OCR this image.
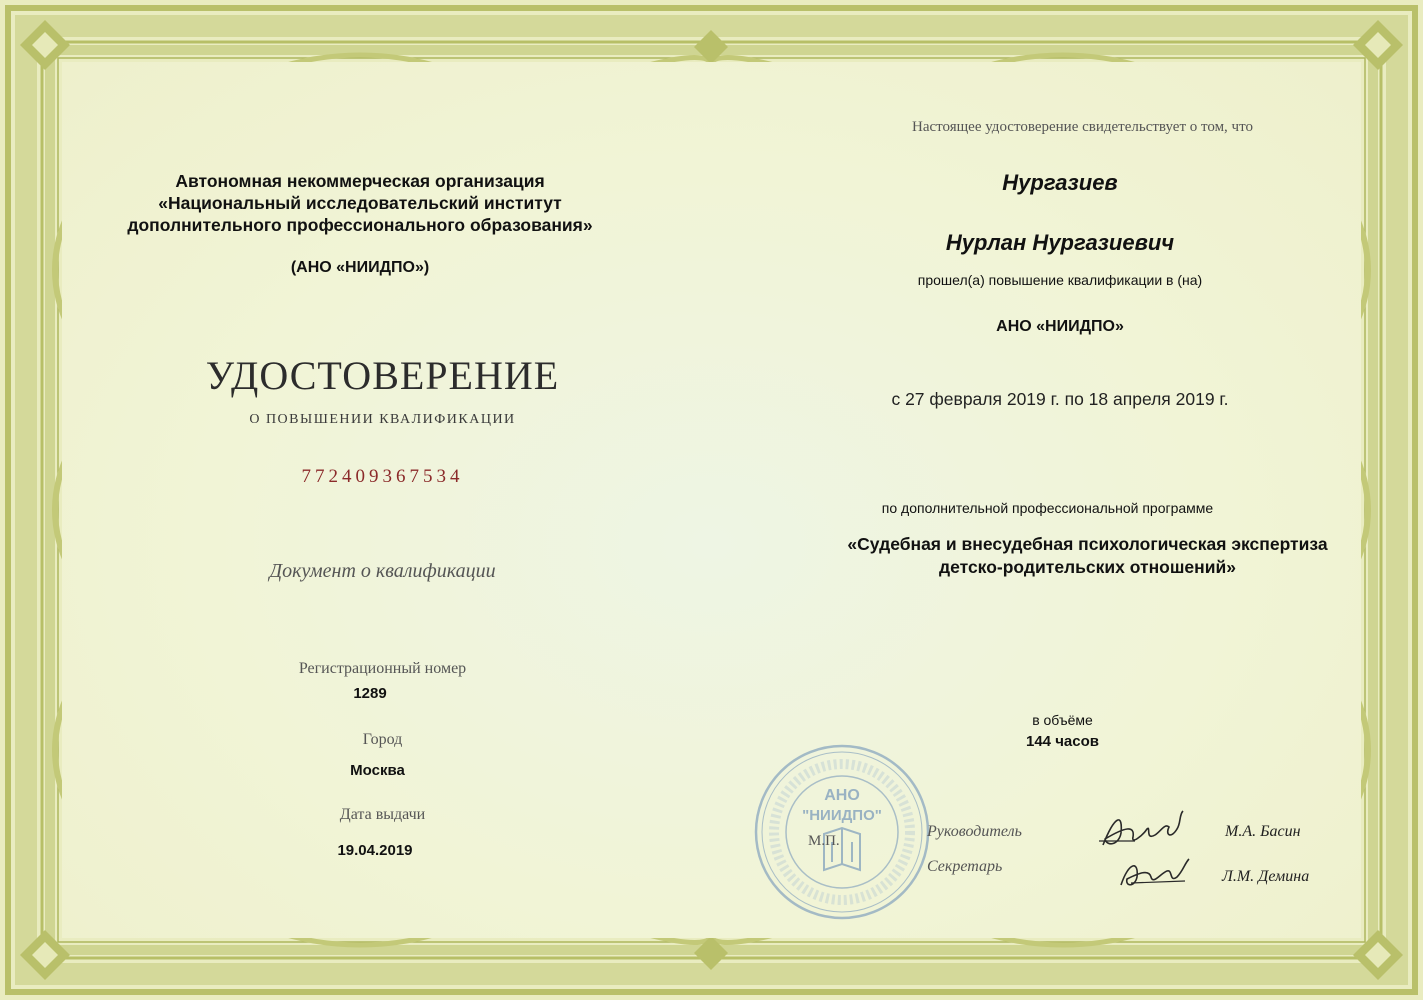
Автономная некоммерческая организация
«Национальный исследовательский институт
дополнительного профессионального образования»
(АНО «НИИДПО»)
УДОСТОВЕРЕНИЕ
О ПОВЫШЕНИИ КВАЛИФИКАЦИИ
772409367534
Документ о квалификации
Регистрационный номер
1289
Город
Москва
Дата выдачи
19.04.2019
Настоящее удостоверение свидетельствует о том, что
Нургазиев
Нурлан Нургазиевич
прошел(а) повышение квалификации в (на)
АНО «НИИДПО»
с 27 февраля 2019 г. по 18 апреля 2019 г.
по дополнительной профессиональной программе
«Судебная и внесудебная психологическая экспертиза
детско-родительских отношений»
в объёме
144 часов
АНО
"НИИДПО"
М.П.
Руководитель
Секретарь
М.А. Басин
Л.М. Демина
